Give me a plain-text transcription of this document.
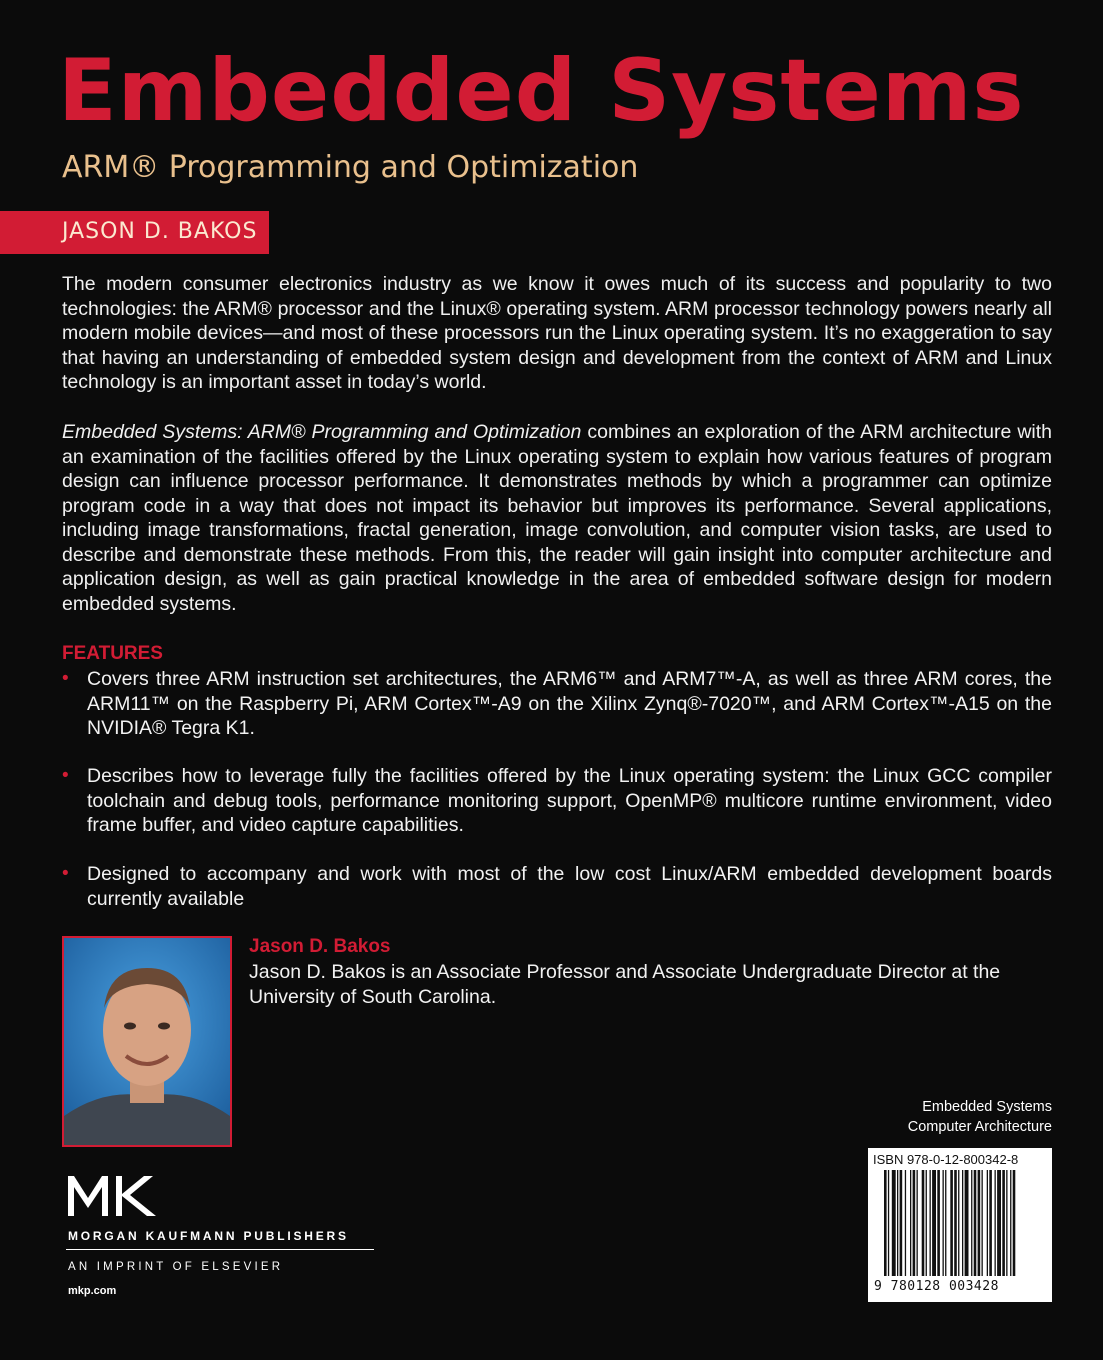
Embedded Systems
ARM® Programming and Optimization
JASON D. BAKOS
The modern consumer electronics industry as we know it owes much of its success and popularity to two technologies: the ARM® processor and the Linux® operating system. ARM processor technology powers nearly all modern mobile devices—and most of these processors run the Linux operating system. It’s no exaggeration to say that having an understanding of embedded system design and development from the context of ARM and Linux technology is an important asset in today’s world.
Embedded Systems: ARM® Programming and Optimization combines an exploration of the ARM architecture with an examination of the facilities offered by the Linux operating system to explain how various features of program design can influence processor performance. It demonstrates methods by which a programmer can optimize program code in a way that does not impact its behavior but improves its performance. Several applications, including image transformations, fractal generation, image convolution, and computer vision tasks, are used to describe and demonstrate these methods. From this, the reader will gain insight into computer architecture and application design, as well as gain practical knowledge in the area of embedded software design for modern embedded systems.
FEATURES
• Covers three ARM instruction set architectures, the ARM6™ and ARM7™-A, as well as three ARM cores, the ARM11™ on the Raspberry Pi, ARM Cortex™-A9 on the Xilinx Zynq®-7020™, and ARM Cortex™-A15 on the NVIDIA® Tegra K1.
• Describes how to leverage fully the facilities offered by the Linux operating system: the Linux GCC compiler toolchain and debug tools, performance monitoring support, OpenMP® multicore runtime environment, video frame buffer, and video capture capabilities.
• Designed to accompany and work with most of the low cost Linux/ARM embedded development boards currently available
Jason D. Bakos
Jason D. Bakos is an Associate Professor and Associate Undergraduate Director at the University of South Carolina.
MORGAN KAUFMANN PUBLISHERS
AN IMPRINT OF ELSEVIER
mkp.com
Embedded Systems
Computer Architecture
ISBN 978-0-12-800342-8
9 780128 003428
